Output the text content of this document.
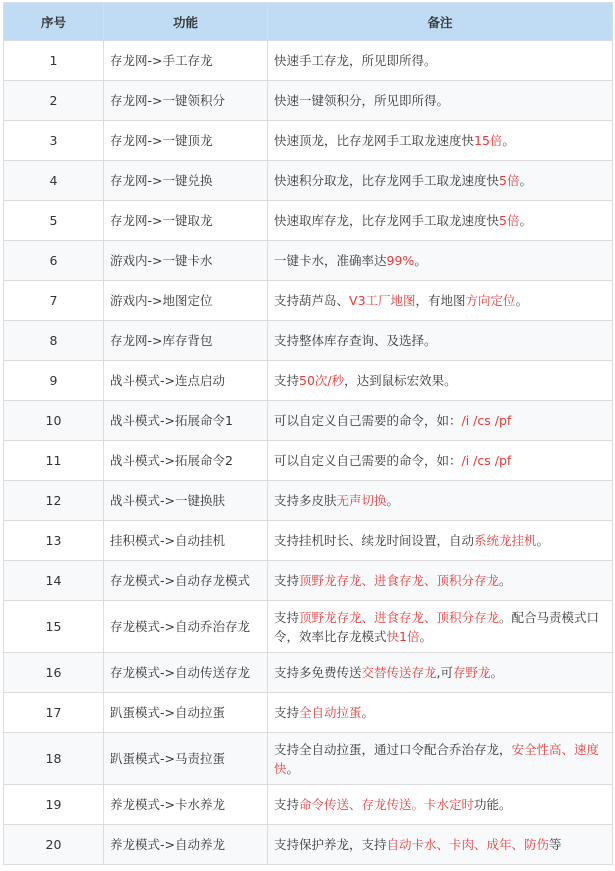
序号	功能	备注
1	存龙网->手工存龙	快速手工存龙，所见即所得。
2	存龙网->一键领积分	快速一键领积分，所见即所得。
3	存龙网->一键顶龙	快速顶龙，比存龙网手工取龙速度快15倍。
4	存龙网->一键兑换	快速积分取龙，比存龙网手工取龙速度快5倍。
5	存龙网->一键取龙	快速取库存龙，比存龙网手工取龙速度快5倍。
6	游戏内->一键卡水	一键卡水，准确率达99%。
7	游戏内->地图定位	支持葫芦岛、V3工厂地图，有地图方向定位。
8	存龙网->库存背包	支持整体库存查询、及选择。
9	战斗模式->连点启动	支持50次/秒，达到鼠标宏效果。
10	战斗模式->拓展命令1	可以自定义自己需要的命令，如：/i /cs /pf
11	战斗模式->拓展命令2	可以自定义自己需要的命令，如：/i /cs /pf
12	战斗模式->一键换肤	支持多皮肤无声切换。
13	挂积模式->自动挂机	支持挂机时长、续龙时间设置，自动系统龙挂机。
14	存龙模式->自动存龙模式	支持顶野龙存龙、进食存龙、顶积分存龙。
15	存龙模式->自动乔治存龙	支持顶野龙存龙、进食存龙、顶积分存龙。配合马责模式口令，效率比存龙模式快1倍。
16	存龙模式->自动传送存龙	支持多免费传送交替传送存龙,可存野龙。
17	趴蛋模式->自动拉蛋	支持全自动拉蛋。
18	趴蛋模式->马责拉蛋	支持全自动拉蛋，通过口令配合乔治存龙，安全性高、速度快。
19	养龙模式->卡水养龙	支持命令传送、存龙传送。卡水定时功能。
20	养龙模式->自动养龙	支持保护养龙，支持自动卡水、卡肉、成年、防伤等
